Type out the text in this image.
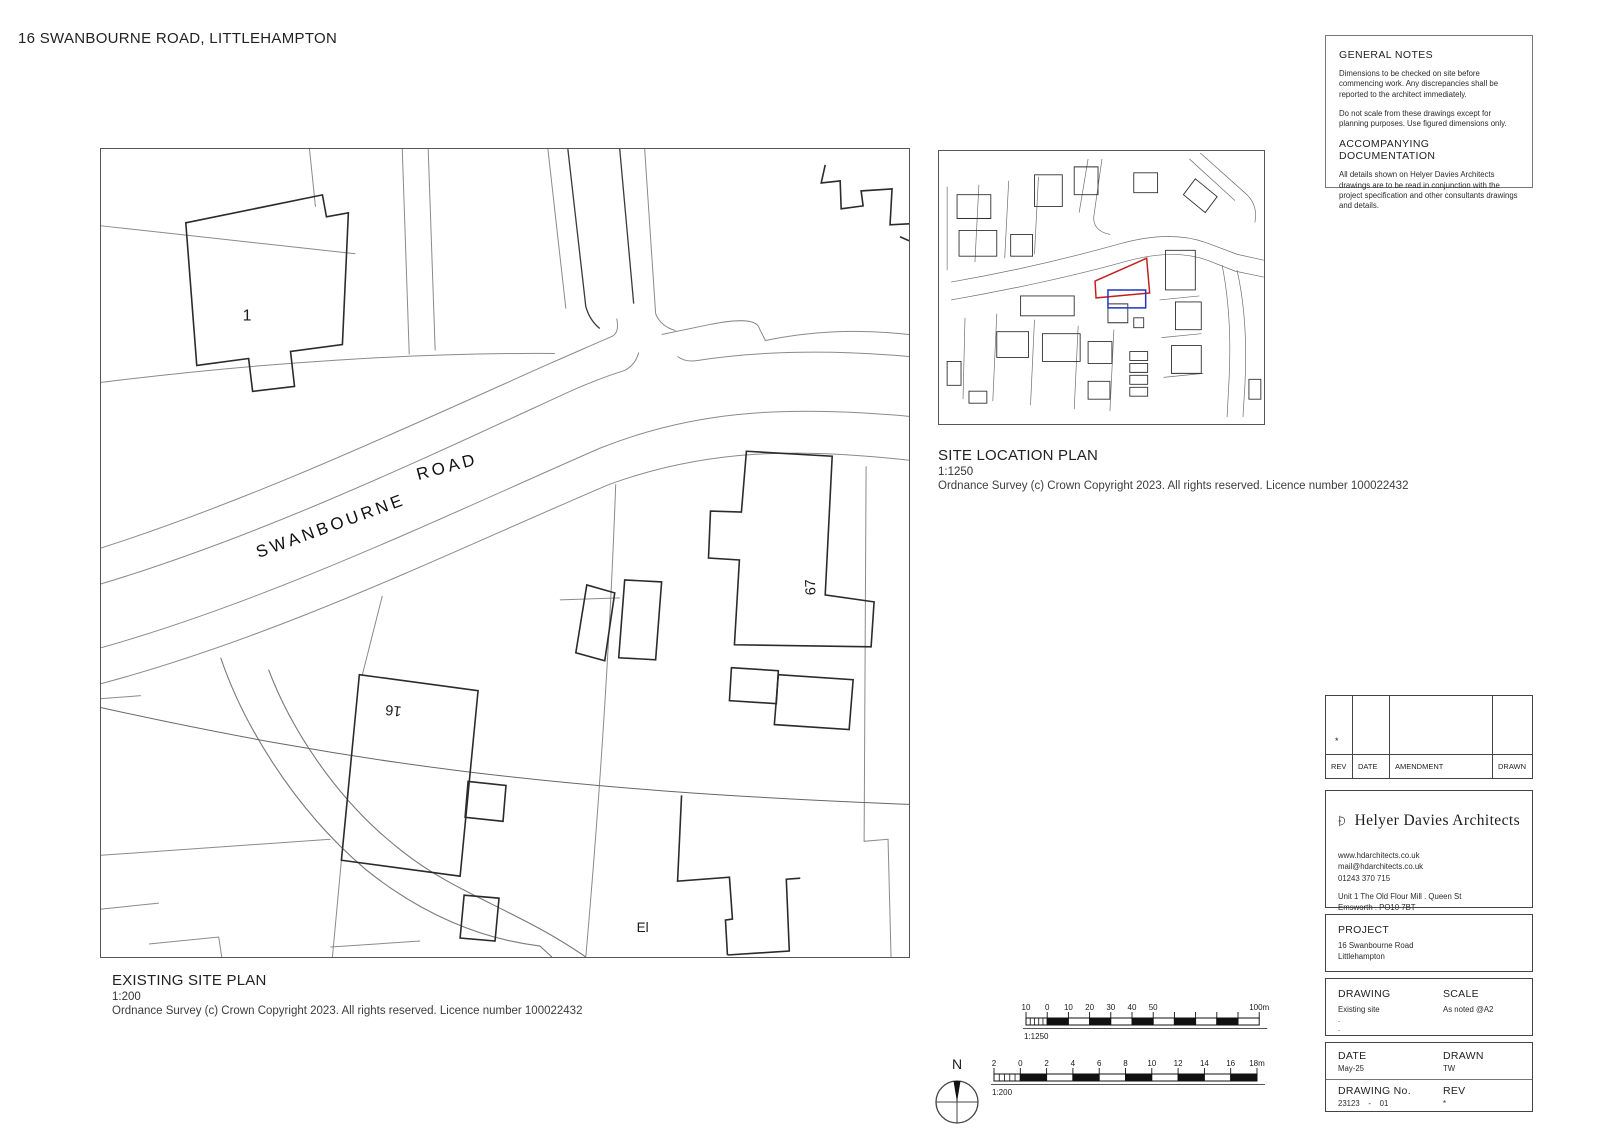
16 SWANBOURNE ROAD, LITTLEHAMPTON
1
16
67
El
SWANBOURNE
ROAD
EXISTING SITE PLAN
1:200
Ordnance Survey (c) Crown Copyright 2023. All rights reserved. Licence number 100022432
SITE LOCATION PLAN
1:1250
Ordnance Survey (c) Crown Copyright 2023. All rights reserved. Licence number 100022432
GENERAL NOTES
Dimensions to be checked on site before commencing work. Any discrepancies shall be reported to the architect immediately.
Do not scale from these drawings except for planning purposes. Use figured dimensions only.
ACCOMPANYING DOCUMENTATION
All details shown on Helyer Davies Architects drawings are to be read in conjunction with the project specification and other consultants drawings and details.
*
REV	DATE	AMENDMENT	DRAWN
Helyer Davies Architects
www.hdarchitects.co.uk
mail@hdarchitects.co.uk
01243 370 715
Unit 1 The Old Flour Mill . Queen St
Emsworth . PO10 7BT
PROJECT
16 Swanbourne Road
Littlehampton
DRAWING
Existing site
.
.
SCALE
As noted @A2
DATE
May-25
DRAWN
TW
DRAWING No.
23123    -    01
REV
*
10 0 10 20 30 40 50	100m
1:1250
2	0	2	4	6	8 10 12 14 16 18m
1:200
N
